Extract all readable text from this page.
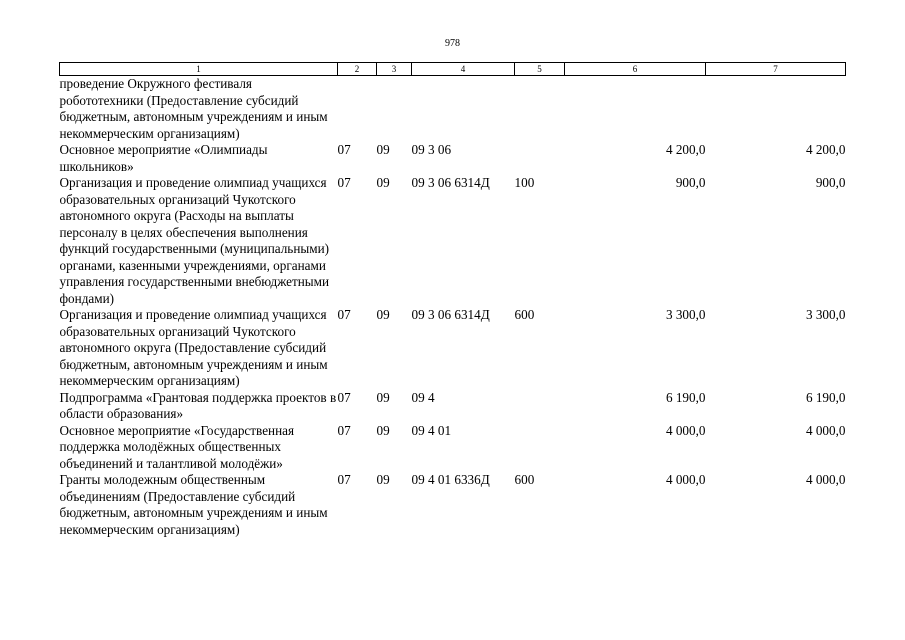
978
1	2	3	4	5	6	7
проведение Окружного фестиваля робототехники (Предоставление субсидий бюджетным, автономным учреждениям и иным некоммерческим организациям)						
Основное мероприятие «Олимпиады школьников»	07	09	09 3 06		4 200,0	4 200,0
Организация и проведение олимпиад учащихся образовательных организаций Чукотского автономного округа (Расходы на выплаты персоналу в целях обеспечения выполнения функций государственными (муниципальными) органами, казенными учреждениями, органами управления государственными внебюджетными фондами)	07	09	09 3 06 6314Д	100	900,0	900,0
Организация и проведение олимпиад учащихся образовательных организаций Чукотского автономного округа (Предоставление субсидий бюджетным, автономным учреждениям и иным некоммерческим организациям)	07	09	09 3 06 6314Д	600	3 300,0	3 300,0
Подпрограмма «Грантовая поддержка проектов в области образования»	07	09	09 4		6 190,0	6 190,0
Основное мероприятие «Государственная поддержка молодёжных общественных объединений и талантливой молодёжи»	07	09	09 4 01		4 000,0	4 000,0
Гранты молодежным общественным объединениям (Предоставление субсидий бюджетным, автономным учреждениям и иным некоммерческим организациям)	07	09	09 4 01 6336Д	600	4 000,0	4 000,0
